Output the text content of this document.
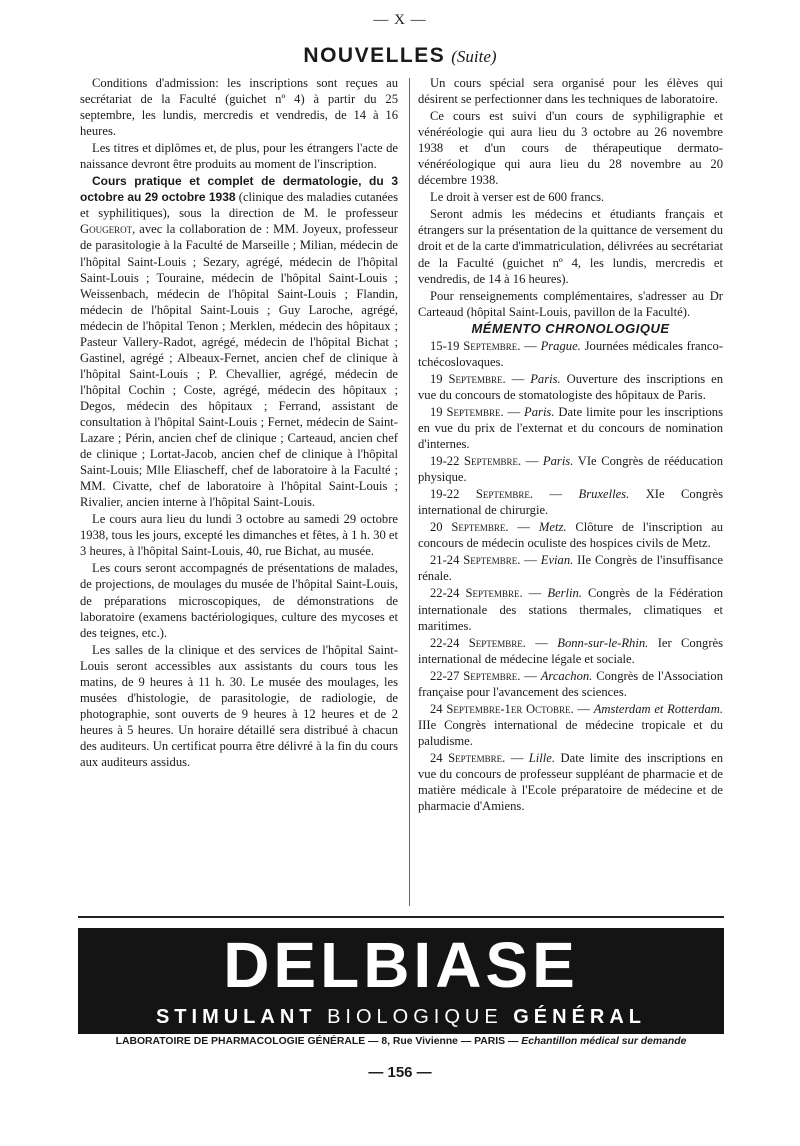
— X —
NOUVELLES (Suite)

Conditions d'admission: les inscriptions sont reçues au secrétariat de la Faculté (guichet nº 4) à partir du 25 septembre, les lundis, mercredis et vendredis, de 14 à 16 heures.

Les titres et diplômes et, de plus, pour les étrangers l'acte de naissance devront être produits au moment de l'inscription.

Cours pratique et complet de dermatologie, du 3 octobre au 29 octobre 1938 (clinique des maladies cutanées et syphilitiques), sous la direction de M. le professeur Gougerot, avec la collaboration de : MM. Joyeux, professeur de parasitologie à la Faculté de Marseille ; Milian, médecin de l'hôpital Saint-Louis ; Sezary, agrégé, médecin de l'hôpital Saint-Louis ; Touraine, médecin de l'hôpital Saint-Louis ; Weissenbach, médecin de l'hôpital Saint-Louis ; Flandin, médecin de l'hôpital Saint-Louis ; Guy Laroche, agrégé, médecin de l'hôpital Tenon ; Merklen, médecin des hôpitaux ; Pasteur Vallery-Radot, agrégé, médecin de l'hôpital Bichat ; Gastinel, agrégé ; Albeaux-Fernet, ancien chef de clinique à l'hôpital Saint-Louis ; P. Chevallier, agrégé, médecin de l'hôpital Cochin ; Coste, agrégé, médecin des hôpitaux ; Degos, médecin des hôpitaux ; Ferrand, assistant de consultation à l'hôpital Saint-Louis ; Fernet, médecin de Saint-Lazare ; Périn, ancien chef de clinique ; Carteaud, ancien chef de clinique ; Lortat-Jacob, ancien chef de clinique à l'hôpital Saint-Louis; Mlle Eliascheff, chef de laboratoire à la Faculté ; MM. Civatte, chef de laboratoire à l'hôpital Saint-Louis ; Rivalier, ancien interne à l'hôpital Saint-Louis.

Le cours aura lieu du lundi 3 octobre au samedi 29 octobre 1938, tous les jours, excepté les dimanches et fêtes, à 1 h. 30 et 3 heures, à l'hôpital Saint-Louis, 40, rue Bichat, au musée.

Les cours seront accompagnés de présentations de malades, de projections, de moulages du musée de l'hôpital Saint-Louis, de préparations microscopiques, de démonstrations de laboratoire (examens bactériologiques, culture des mycoses et des teignes, etc.).

Les salles de la clinique et des services de l'hôpital Saint-Louis seront accessibles aux assistants du cours tous les matins, de 9 heures à 11 h. 30. Le musée des moulages, les musées d'histologie, de parasitologie, de radiologie, de photographie, sont ouverts de 9 heures à 12 heures et de 2 heures à 5 heures. Un horaire détaillé sera distribué à chacun des auditeurs. Un certificat pourra être délivré à la fin du cours aux auditeurs assidus.

Un cours spécial sera organisé pour les élèves qui désirent se perfectionner dans les techniques de laboratoire.

Ce cours est suivi d'un cours de syphiligraphie et vénéréologie qui aura lieu du 3 octobre au 26 novembre 1938 et d'un cours de thérapeutique dermato-vénéréologique qui aura lieu du 28 novembre au 20 décembre 1938.

Le droit à verser est de 600 francs.

Seront admis les médecins et étudiants français et étrangers sur la présentation de la quittance de versement du droit et de la carte d'immatriculation, délivrées au secrétariat de la Faculté (guichet nº 4, les lundis, mercredis et vendredis, de 14 à 16 heures).

Pour renseignements complémentaires, s'adresser au Dr Carteaud (hôpital Saint-Louis, pavillon de la Faculté).

MÉMENTO CHRONOLOGIQUE

15-19 Septembre. — Prague. Journées médicales franco-tchécoslovaques.

19 Septembre. — Paris. Ouverture des inscriptions en vue du concours de stomatologiste des hôpitaux de Paris.

19 Septembre. — Paris. Date limite pour les inscriptions en vue du prix de l'externat et du concours de nomination d'internes.

19-22 Septembre. — Paris. VIe Congrès de rééducation physique.

19-22 Septembre. — Bruxelles. XIe Congrès international de chirurgie.

20 Septembre. — Metz. Clôture de l'inscription au concours de médecin oculiste des hospices civils de Metz.

21-24 Septembre. — Evian. IIe Congrès de l'insuffisance rénale.

22-24 Septembre. — Berlin. Congrès de la Fédération internationale des stations thermales, climatiques et maritimes.

22-24 Septembre. — Bonn-sur-le-Rhin. Ier Congrès international de médecine légale et sociale.

22-27 Septembre. — Arcachon. Congrès de l'Association française pour l'avancement des sciences.

24 Septembre-1er Octobre. — Amsterdam et Rotterdam. IIIe Congrès international de médecine tropicale et du paludisme.

24 Septembre. — Lille. Date limite des inscriptions en vue du concours de professeur suppléant de pharmacie et de matière médicale à l'Ecole préparatoire de médecine et de pharmacie d'Amiens.

DELBIASE
STIMULANT BIOLOGIQUE GÉNÉRAL
LABORATOIRE DE PHARMACOLOGIE GÉNÉRALE — 8, Rue Vivienne — PARIS — Echantillon médical sur demande
— 156 —
